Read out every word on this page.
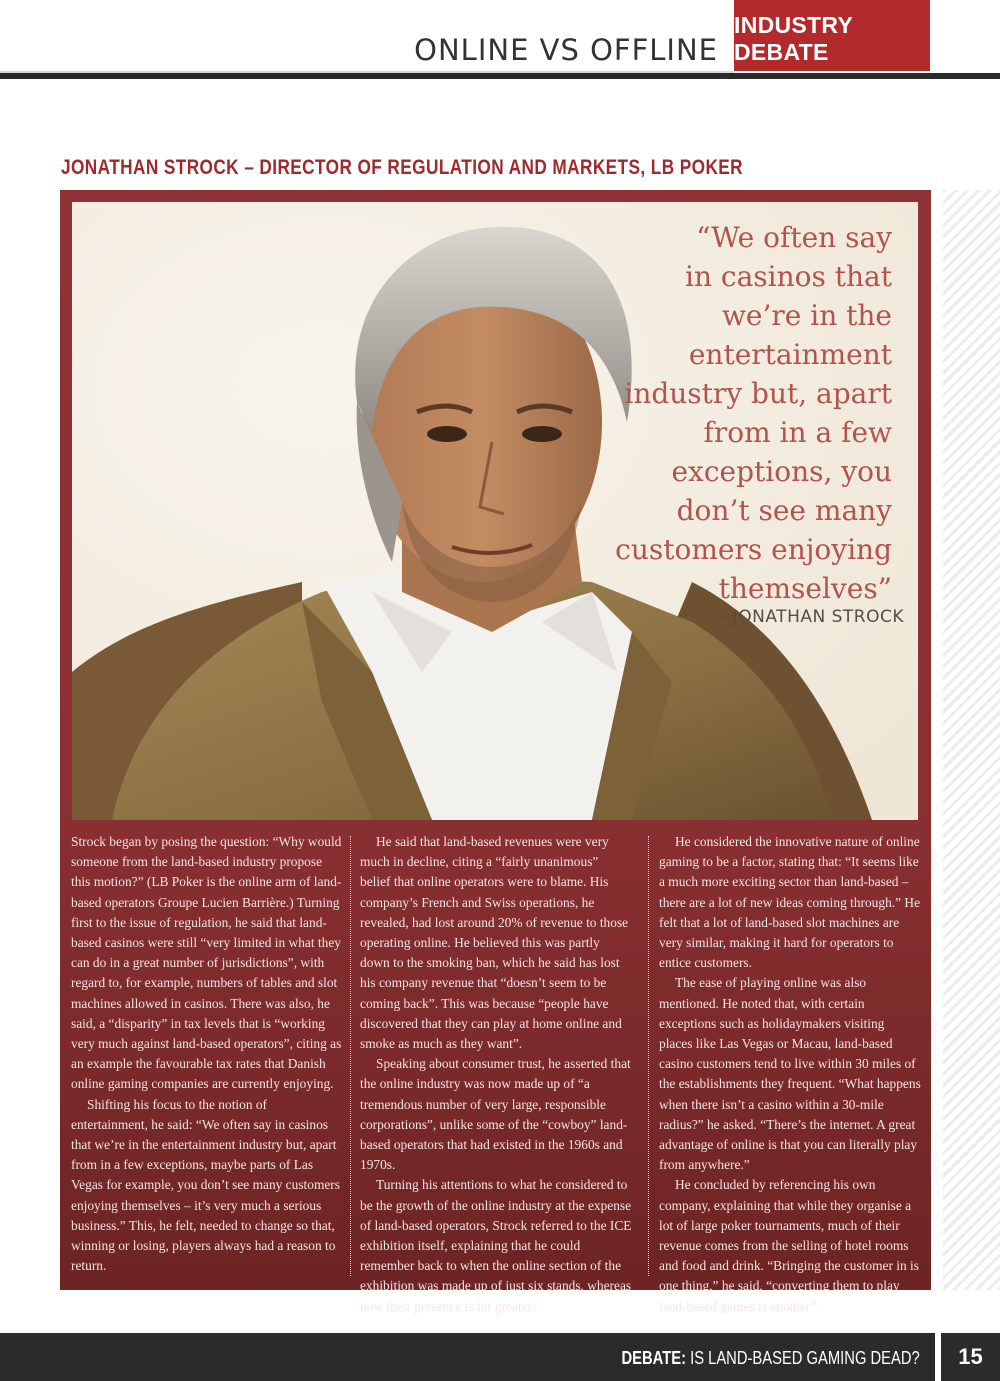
ONLINE VS OFFLINE
INDUSTRY DEBATE
JONATHAN STROCK – DIRECTOR OF REGULATION AND MARKETS, LB POKER
“We often say
in casinos that
we’re in the
entertainment
industry but, apart
from in a few
exceptions, you
don’t see many
customers enjoying
themselves”
– JONATHAN STROCK

Strock began by posing the question: “Why would someone from the land-based industry propose this motion?” (LB Poker is the online arm of land-based operators Groupe Lucien Barrière.) Turning first to the issue of regulation, he said that land-based casinos were still “very limited in what they can do in a great number of jurisdictions”, with regard to, for example, numbers of tables and slot machines allowed in casinos. There was also, he said, a “disparity” in tax levels that is “working very much against land-based operators”, citing as an example the favourable tax rates that Danish online gaming companies are currently enjoying.

Shifting his focus to the notion of entertainment, he said: “We often say in casinos that we’re in the entertainment industry but, apart from in a few exceptions, maybe parts of Las Vegas for example, you don’t see many customers enjoying themselves – it’s very much a serious business.” This, he felt, needed to change so that, winning or losing, players always had a reason to return.

He said that land-based revenues were very much in decline, citing a “fairly unanimous” belief that online operators were to blame. His company’s French and Swiss operations, he revealed, had lost around 20% of revenue to those operating online. He believed this was partly down to the smoking ban, which he said has lost his company revenue that “doesn’t seem to be coming back”. This was because “people have discovered that they can play at home online and smoke as much as they want”.

Speaking about consumer trust, he asserted that the online industry was now made up of “a tremendous number of very large, responsible corporations”, unlike some of the “cowboy” land-based operators that had existed in the 1960s and 1970s.

Turning his attentions to what he considered to be the growth of the online industry at the expense of land-based operators, Strock referred to the ICE exhibition itself, explaining that he could remember back to when the online section of the exhibition was made up of just six stands, whereas now their presence is far greater.

He considered the innovative nature of online gaming to be a factor, stating that: “It seems like a much more exciting sector than land-based – there are a lot of new ideas coming through.” He felt that a lot of land-based slot machines are very similar, making it hard for operators to entice customers.

The ease of playing online was also mentioned. He noted that, with certain exceptions such as holidaymakers visiting places like Las Vegas or Macau, land-based casino customers tend to live within 30 miles of the establishments they frequent. “What happens when there isn’t a casino within a 30-mile radius?” he asked. “There’s the internet. A great advantage of online is that you can literally play from anywhere.”

He concluded by referencing his own company, explaining that while they organise a lot of large poker tournaments, much of their revenue comes from the selling of hotel rooms and food and drink. “Bringing the customer in is one thing,” he said, “converting them to play land-based games is another”.

DEBATE: IS LAND-BASED GAMING DEAD?	15
